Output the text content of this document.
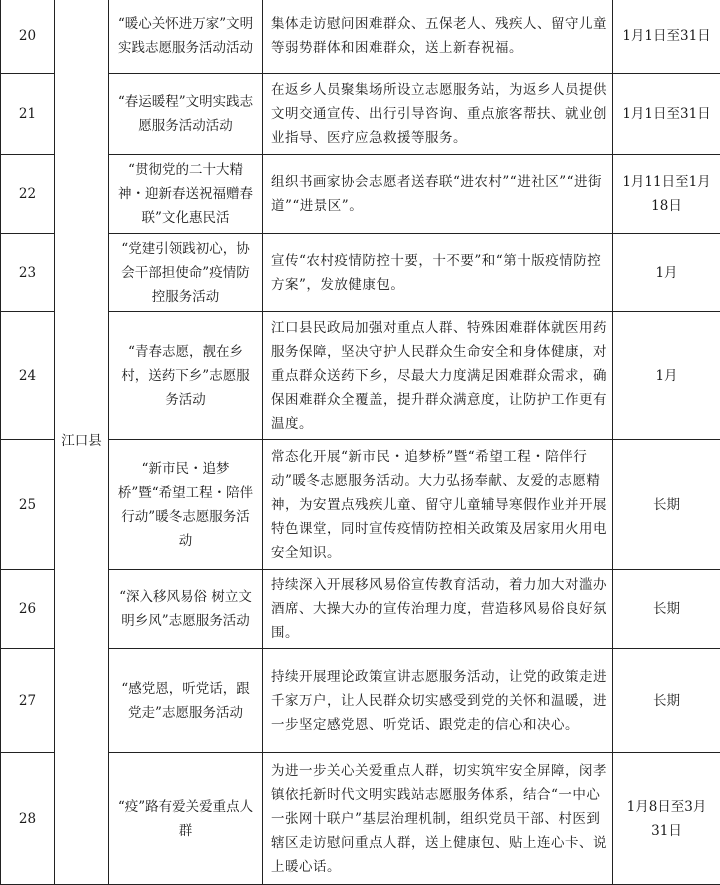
20	江口县	“暖心关怀进万家”文明实践志愿服务活动活动	集体走访慰问困难群众、五保老人、残疾人、留守儿童等弱势群体和困难群众，送上新春祝福。	1月1日至31日
21		“春运暖程”文明实践志愿服务活动活动	在返乡人员聚集场所设立志愿服务站，为返乡人员提供文明交通宣传、出行引导咨询、重点旅客帮扶、就业创业指导、医疗应急救援等服务。	1月1日至31日
22		“贯彻党的二十大精神・迎新春送祝福赠春联”文化惠民活	组织书画家协会志愿者送春联“进农村”“进社区”“进街道”“进景区”。	1月11日至1月18日
23		“党建引领践初心，协会干部担使命”疫情防控服务活动	宣传“农村疫情防控十要，十不要”和“第十版疫情防控方案”，发放健康包。	1月
24		“青春志愿，靓在乡村，送药下乡”志愿服务活动	江口县民政局加强对重点人群、特殊困难群体就医用药服务保障，坚决守护人民群众生命安全和身体健康，对重点群众送药下乡，尽最大力度满足困难群众需求，确保困难群众全覆盖，提升群众满意度，让防护工作更有温度。	1月
25		“新市民・追梦桥”暨“希望工程・陪伴行动”暖冬志愿服务活动	常态化开展“新市民・追梦桥”暨“希望工程・陪伴行动”暖冬志愿服务活动。大力弘扬奉献、友爱的志愿精神，为安置点残疾儿童、留守儿童辅导寒假作业并开展特色课堂，同时宣传疫情防控相关政策及居家用火用电安全知识。	长期
26		“深入移风易俗 树立文明乡风”志愿服务活动	持续深入开展移风易俗宣传教育活动，着力加大对滥办酒席、大操大办的宣传治理力度，营造移风易俗良好氛围。	长期
27		“感党恩，听党话，跟党走”志愿服务活动	持续开展理论政策宣讲志愿服务活动，让党的政策走进千家万户，让人民群众切实感受到党的关怀和温暖，进一步坚定感党恩、听党话、跟党走的信心和决心。	长期
28		“疫”路有爱关爱重点人群	为进一步关心关爱重点人群，切实筑牢安全屏障，闵孝镇依托新时代文明实践站志愿服务体系，结合“一中心一张网十联户”基层治理机制，组织党员干部、村医到辖区走访慰问重点人群，送上健康包、贴上连心卡、说上暖心话。	1月8日至3月31日
